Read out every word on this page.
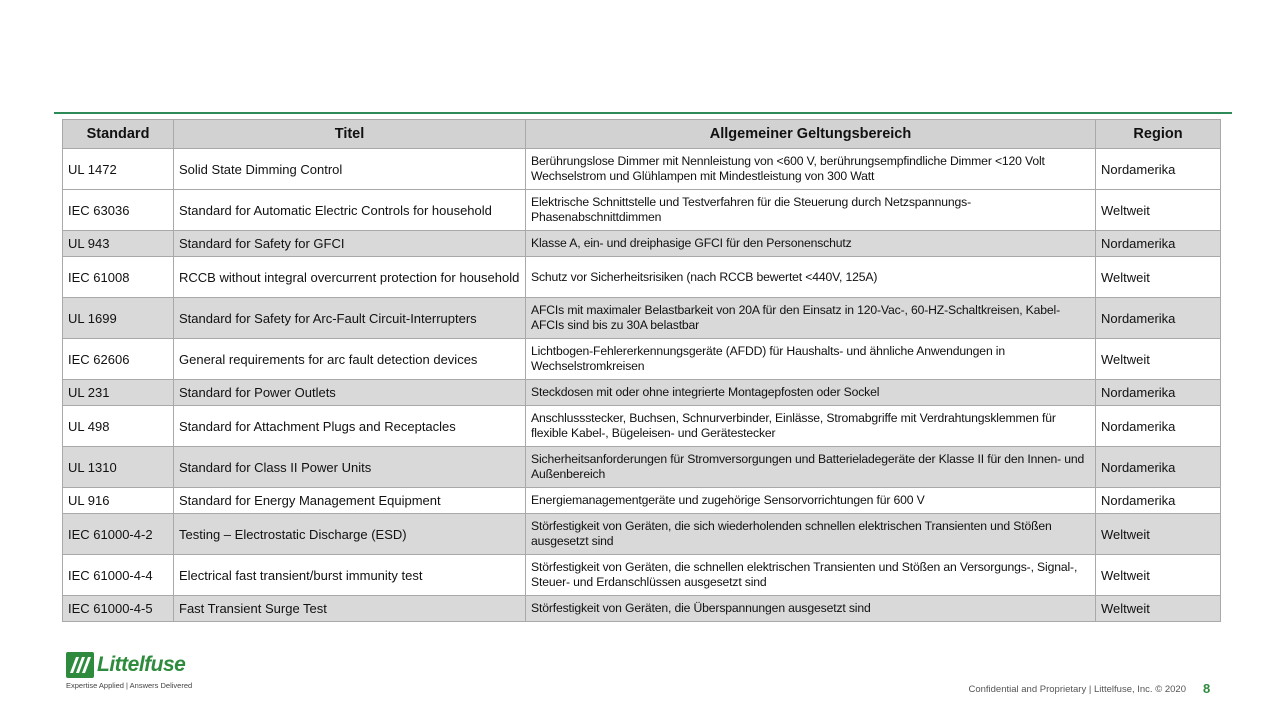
Standard	Titel	Allgemeiner Geltungsbereich	Region
UL 1472	Solid State Dimming Control	Berührungslose Dimmer mit Nennleistung von <600 V, berührungsempfindliche Dimmer <120 Volt Wechselstrom und Glühlampen mit Mindestleistung von 300 Watt	Nordamerika
IEC 63036	Standard for Automatic Electric Controls for household	Elektrische Schnittstelle und Testverfahren für die Steuerung durch Netzspannungs-Phasenabschnittdimmen	Weltweit
UL 943	Standard for Safety for GFCI	Klasse A, ein- und dreiphasige GFCI für den Personenschutz	Nordamerika
IEC 61008	RCCB without integral overcurrent protection for household	Schutz vor Sicherheitsrisiken (nach RCCB bewertet <440V, 125A)	Weltweit
UL 1699	Standard for Safety for Arc-Fault Circuit-Interrupters	AFCIs mit maximaler Belastbarkeit von 20A für den Einsatz in 120-Vac-, 60-HZ-Schaltkreisen, Kabel-AFCIs sind bis zu 30A belastbar	Nordamerika
IEC 62606	General requirements for arc fault detection devices	Lichtbogen-Fehlererkennungsgeräte (AFDD) für Haushalts- und ähnliche Anwendungen in Wechselstromkreisen	Weltweit
UL 231	Standard for Power Outlets	Steckdosen mit oder ohne integrierte Montagepfosten oder Sockel	Nordamerika
UL 498	Standard for Attachment Plugs and Receptacles	Anschlussstecker, Buchsen, Schnurverbinder, Einlässe, Stromabgriffe mit Verdrahtungsklemmen für flexible Kabel-, Bügeleisen- und Gerätestecker	Nordamerika
UL 1310	Standard for Class II Power Units	Sicherheitsanforderungen für Stromversorgungen und Batterieladegeräte der Klasse II für den Innen- und Außenbereich	Nordamerika
UL 916	Standard for Energy Management Equipment	Energiemanagementgeräte und zugehörige Sensorvorrichtungen für 600 V	Nordamerika
IEC 61000-4-2	Testing – Electrostatic Discharge (ESD)	Störfestigkeit von Geräten, die sich wiederholenden schnellen elektrischen Transienten und Stößen ausgesetzt sind	Weltweit
IEC 61000-4-4	Electrical fast transient/burst immunity test	Störfestigkeit von Geräten, die schnellen elektrischen Transienten und Stößen an Versorgungs-, Signal-, Steuer- und Erdanschlüssen ausgesetzt sind	Weltweit
IEC 61000-4-5	Fast Transient Surge Test	Störfestigkeit von Geräten, die Überspannungen ausgesetzt sind	Weltweit
Littelfuse
Expertise Applied | Answers Delivered	Confidential and Proprietary | Littelfuse, Inc. © 2020 8
